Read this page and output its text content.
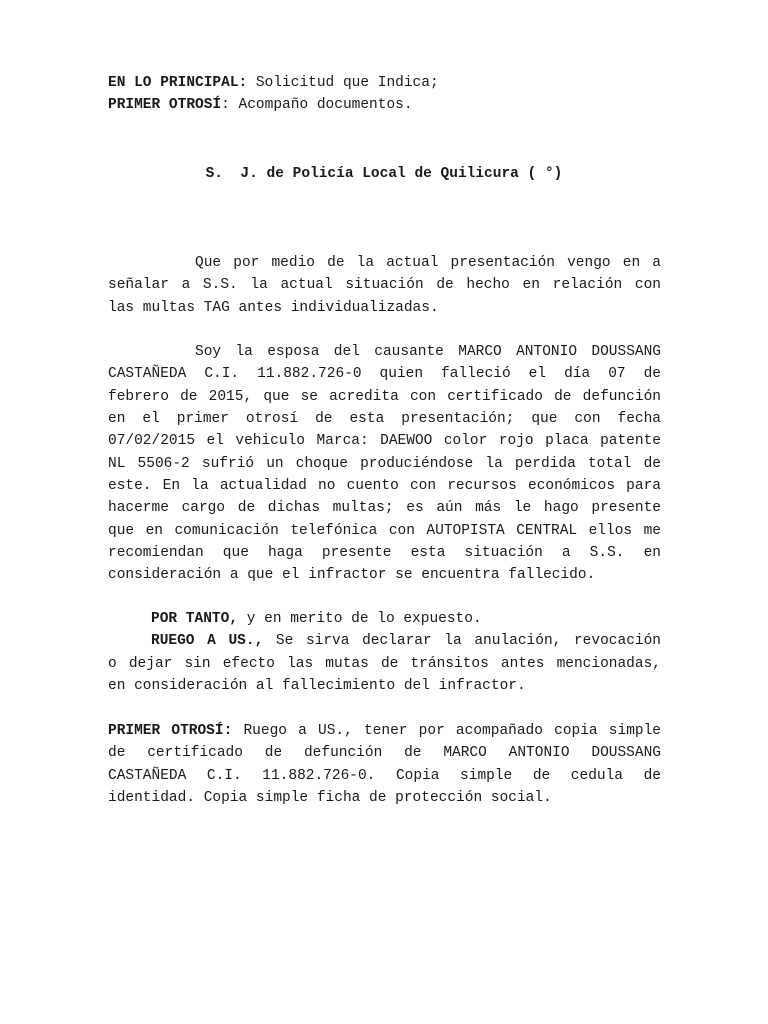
EN LO PRINCIPAL: Solicitud que Indica;
PRIMER OTROSÍ: Acompaño documentos.
S.  J. de Policía Local de Quilicura ( °)
Que por medio de la actual presentación vengo en a
señalar a S.S. la actual situación de hecho en relación con
las multas TAG antes individualizadas.
Soy la esposa del causante MARCO ANTONIO DOUSSANG
CASTAÑEDA C.I. 11.882.726-0 quien falleció el día 07 de
febrero de 2015, que se acredita con certificado de defunción
en el primer otrosí de esta presentación; que con fecha
07/02/2015 el vehiculo Marca: DAEWOO color rojo placa patente
NL 5506-2 sufrió un choque produciéndose la perdida total de
este. En la actualidad no cuento con recursos económicos para
hacerme cargo de dichas multas; es aún más le hago presente
que en comunicación telefónica con AUTOPISTA CENTRAL ellos me
recomiendan que haga presente esta situación a S.S. en
consideración a que el infractor se encuentra fallecido.
POR TANTO, y en merito de lo expuesto.
RUEGO A US., Se sirva declarar la anulación, revocación
o dejar sin efecto las mutas de tránsitos antes mencionadas,
en consideración al fallecimiento del infractor.
PRIMER OTROSÍ: Ruego a US., tener por acompañado copia simple
de certificado de defunción de MARCO ANTONIO DOUSSANG
CASTAÑEDA C.I. 11.882.726-0. Copia simple de cedula de
identidad. Copia simple ficha de protección social.
